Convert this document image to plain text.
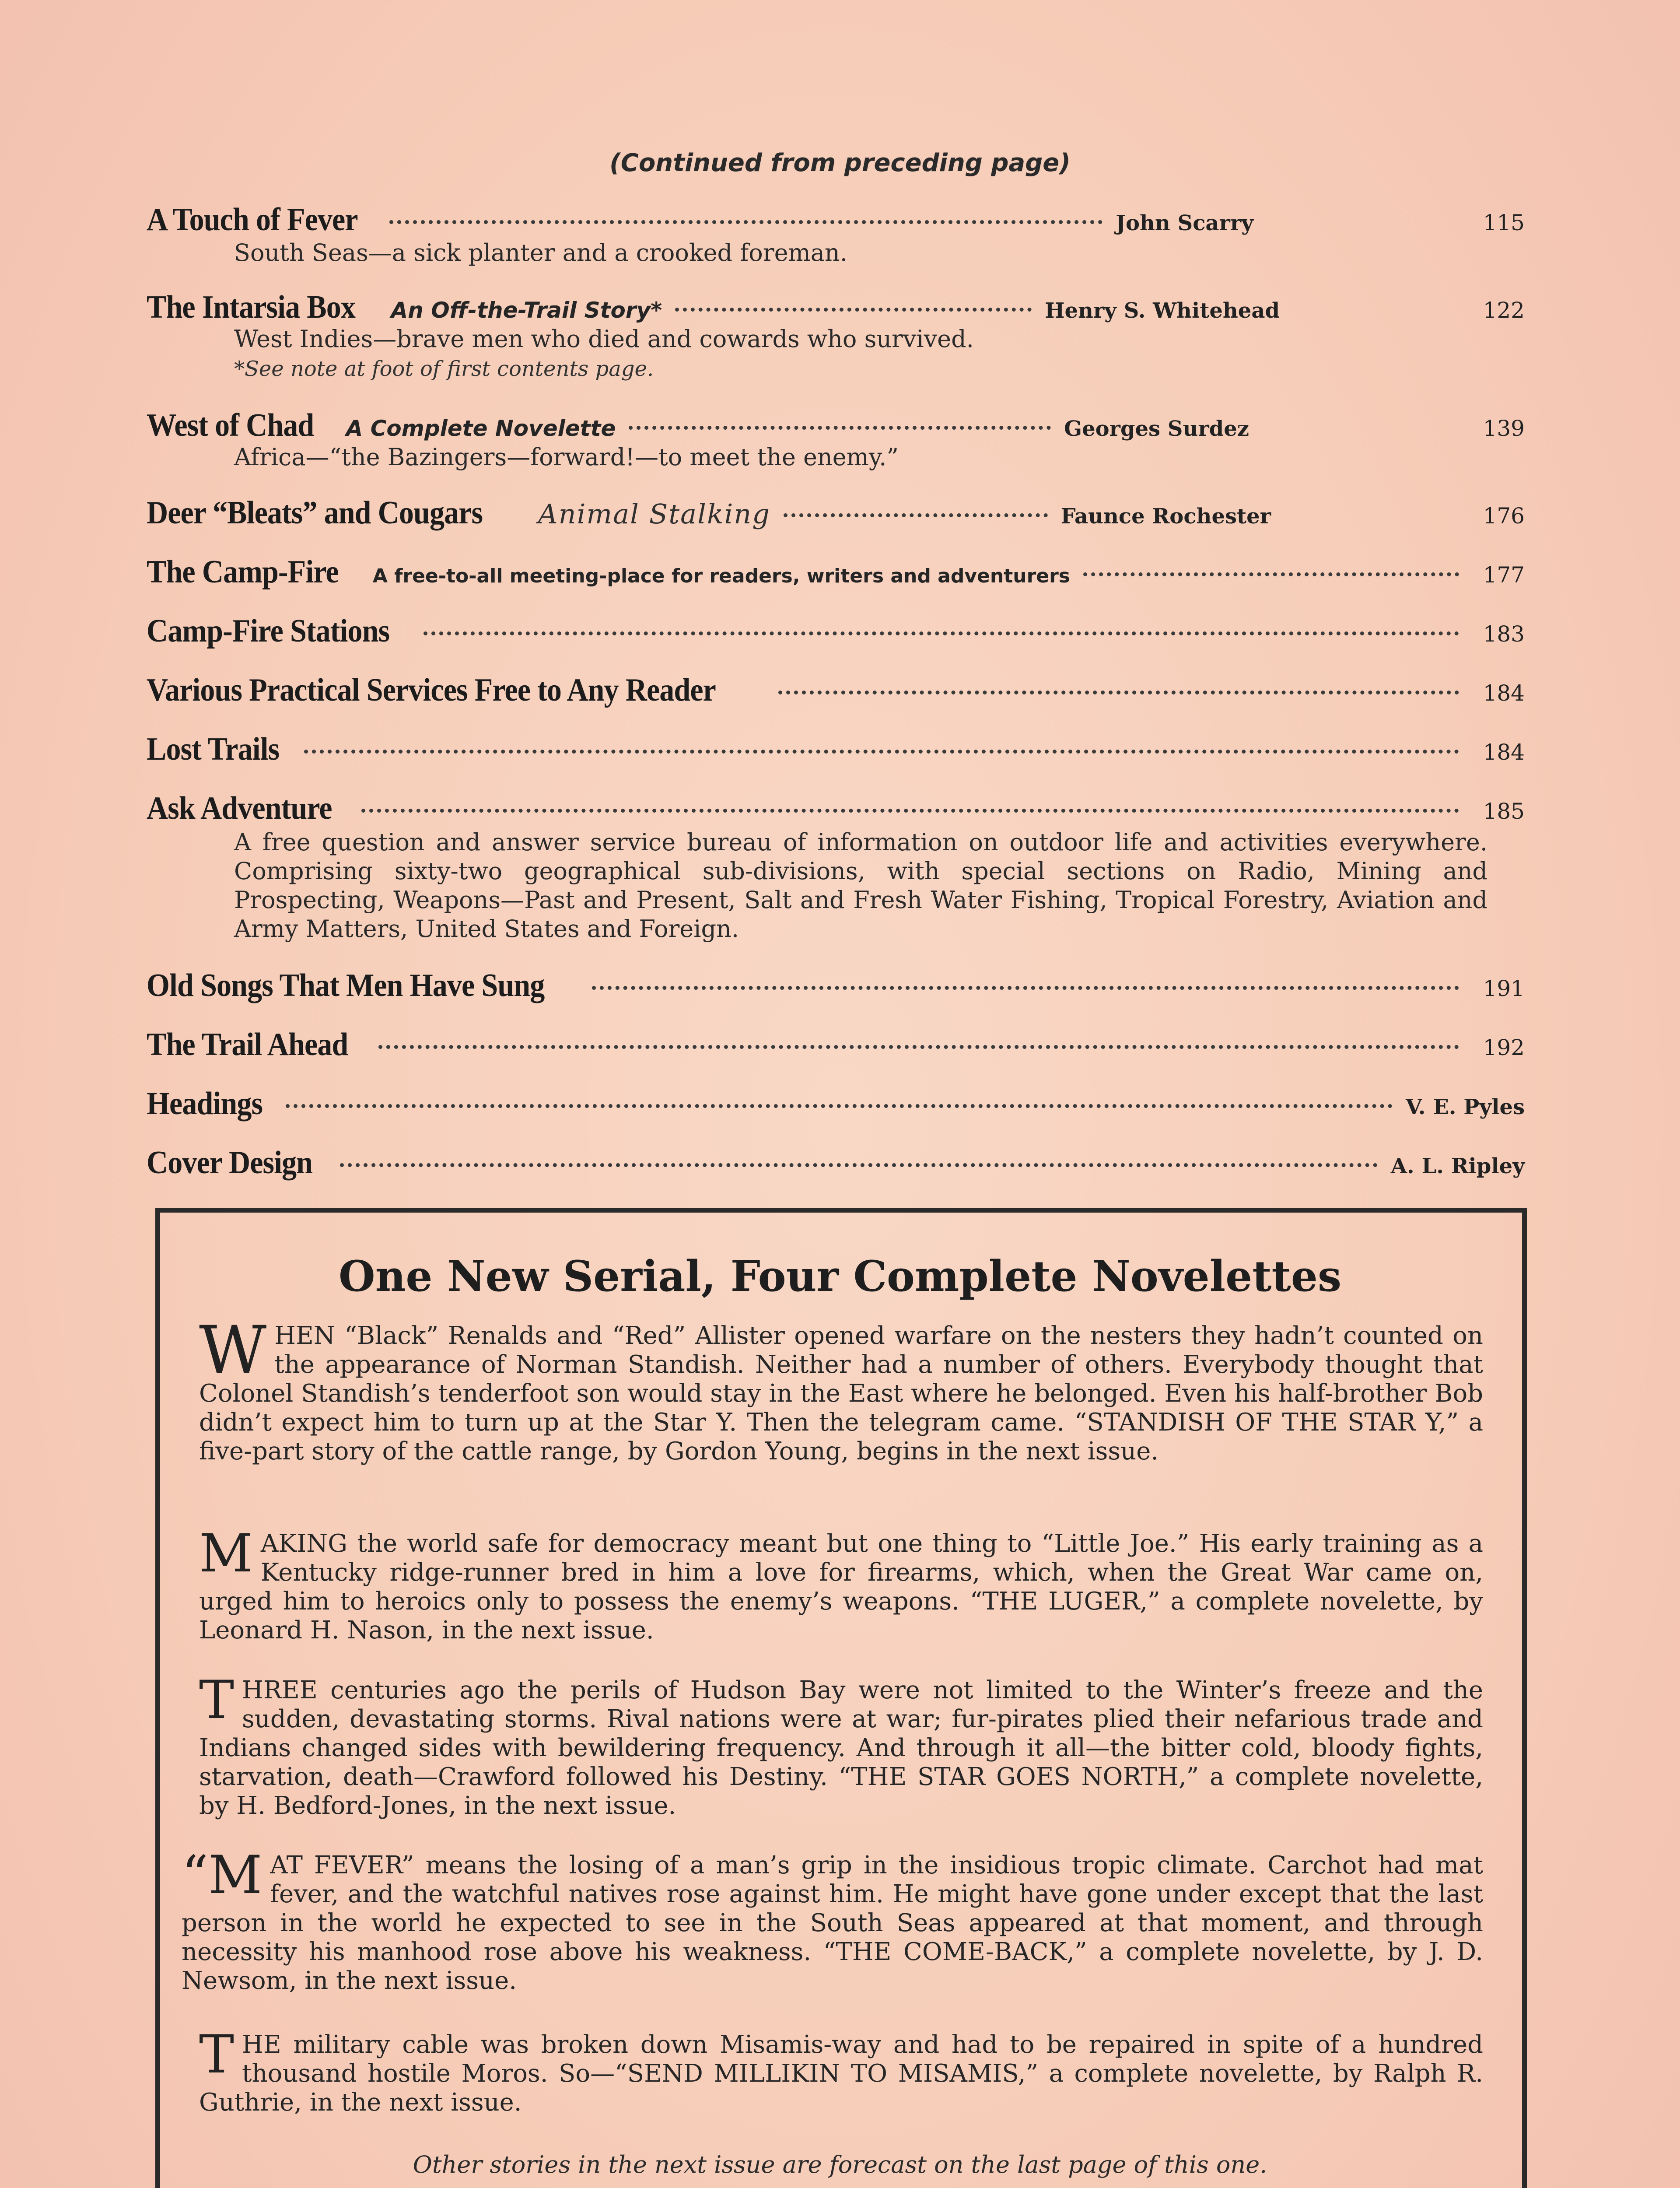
(Continued from preceding page)
A Touch of Fever	John Scarry	115
South Seas—a sick planter and a crooked foreman.
The Intarsia Box An Off-the-Trail Story*	Henry S. Whitehead	122
West Indies—brave men who died and cowards who survived.
*See note at foot of first contents page.
West of Chad A Complete Novelette	Georges Surdez	139
Africa—“the Bazingers—forward!—to meet the enemy.”
Deer “Bleats” and Cougars Animal Stalking	Faunce Rochester	176
The Camp-Fire A free-to-all meeting-place for readers, writers and adventurers	177
Camp-Fire Stations	183
Various Practical Services Free to Any Reader	184
Lost Trails	184
Ask Adventure	185
A free question and answer service bureau of information on outdoor life and activities everywhere. Comprising sixty-two geographical sub-divisions, with special sections on Radio, Mining and Prospecting, Weapons—Past and Present, Salt and Fresh Water Fishing, Tropical Forestry, Aviation and Army Matters, United States and Foreign.
Old Songs That Men Have Sung	191
The Trail Ahead	192
Headings	V. E. Pyles
Cover Design	A. L. Ripley
One New Serial, Four Complete Novelettes
WHEN “Black” Renalds and “Red” Allister opened warfare on the nesters they hadn’t counted on the appearance of Norman Standish. Neither had a number of others. Everybody thought that Colonel Standish’s tenderfoot son would stay in the East where he belonged. Even his half-brother Bob didn’t expect him to turn up at the Star Y. Then the telegram came. “STANDISH OF THE STAR Y,” a five-part story of the cattle range, by Gordon Young, begins in the next issue.
MAKING the world safe for democracy meant but one thing to “Little Joe.” His early training as a Kentucky ridge-runner bred in him a love for firearms, which, when the Great War came on, urged him to heroics only to possess the enemy’s weapons. “THE LUGER,” a complete novelette, by Leonard H. Nason, in the next issue.
THREE centuries ago the perils of Hudson Bay were not limited to the Winter’s freeze and the sudden, devastating storms. Rival nations were at war; fur-pirates plied their nefarious trade and Indians changed sides with bewildering frequency. And through it all—the bitter cold, bloody fights, starvation, death—Crawford followed his Destiny. “THE STAR GOES NORTH,” a complete novelette, by H. Bedford-Jones, in the next issue.
“MAT FEVER” means the losing of a man’s grip in the insidious tropic climate. Carchot had mat fever, and the watchful natives rose against him. He might have gone under except that the last person in the world he expected to see in the South Seas appeared at that moment, and through necessity his manhood rose above his weakness. “THE COME-BACK,” a complete novelette, by J. D. Newsom, in the next issue.
THE military cable was broken down Misamis-way and had to be repaired in spite of a hundred thousand hostile Moros. So—“SEND MILLIKIN TO MISAMIS,” a complete novelette, by Ralph R. Guthrie, in the next issue.
Other stories in the next issue are forecast on the last page of this one.
